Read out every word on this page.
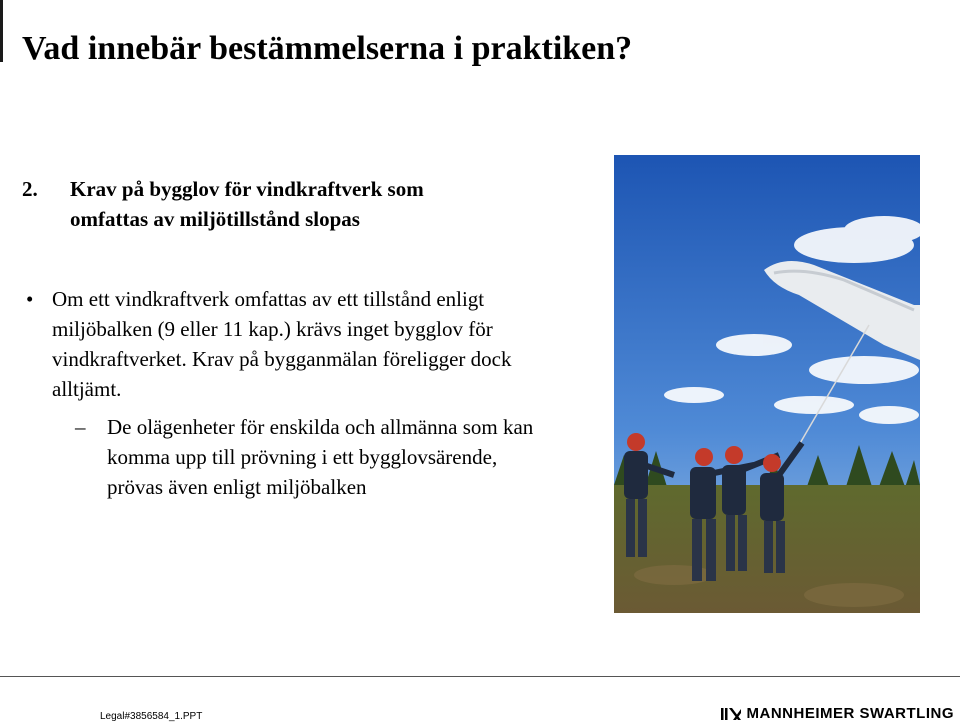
Vad innebär bestämmelserna i praktiken?
2. Krav på bygglov för vindkraftverk som
omfattas av miljötillstånd slopas
• Om ett vindkraftverk omfattas av ett tillstånd enligt miljöbalken (9 eller 11 kap.) krävs inget bygglov för vindkraftverket. Krav på bygganmälan föreligger dock alltjämt.
– De olägenheter för enskilda och allmänna som kan komma upp till prövning i ett bygglovsärende, prövas även enligt miljöbalken
Legal#3856584_1.PPT	MANNHEIMER SWARTLING
